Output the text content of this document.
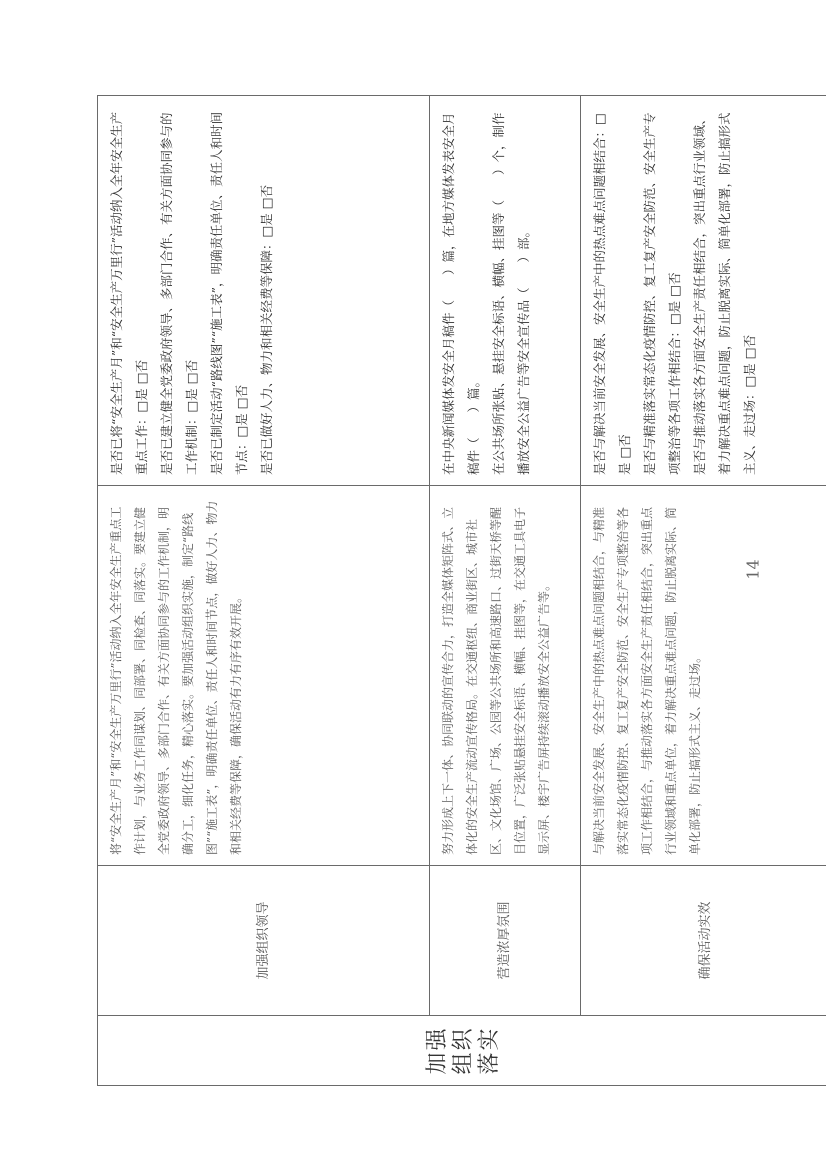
加强组织落实	加强组织领导	将“安全生产月”和“安全生产万里行”活动纳入全年安全生产重点工作计划，与业务工作同谋划、同部署、同检查、同落实。要建立健全党委政府领导、多部门合作、有关方面协同参与的工作机制，明确分工，细化任务，精心落实。要加强活动组织实施，制定“路线图”“施工表”，明确责任单位、责任人和时间节点，做好人力、物力和相关经费等保障，确保活动有力有序有效开展。	是否已将“安全生产月”和“安全生产万里行”活动纳入全年安全生产重点工作：□是 □否
是否已建立健全党委政府领导、多部门合作、有关方面协同参与的工作机制：□是 □否
是否已制定活动“路线图”“施工表”，明确责任单位、责任人和时间节点：□是 □否
是否已做好人力、物力和相关经费等保障：□是 □否

	营造浓厚氛围	努力形成上下一体、协同联动的宣传合力，打造全媒体矩阵式、立体化的安全生产流动宣传格局。在交通枢纽、商业街区、城市社区、文化场馆、广场、公园等公共场所和高速路口、过街天桥等醒目位置，广泛张贴悬挂安全标语、横幅、挂图等，在交通工具电子显示屏、楼宇广告屏持续滚动播放安全公益广告等。	在中央新闻媒体发安全月稿件（　　）篇，在地方媒体发表安全月稿件（　　）篇。
在公共场所张贴、悬挂安全标语、横幅、挂图等（　　）个，制作播放安全公益广告等安全宣传品（　　）部。

	确保活动实效	与解决当前安全发展、安全生产中的热点难点问题相结合，与精准落实常态化疫情防控、复工复产安全防范、安全生产专项整治等各项工作相结合，与推动落实各方面安全生产责任相结合，突出重点行业领域和重点单位，着力解决重点难点问题，防止脱离实际、简单化部署，防止搞形式主义、走过场。	是否与解决当前安全发展、安全生产中的热点难点问题相结合：□是 □否
是否与精准落实常态化疫情防控、复工复产安全防范、安全生产专项整治等各项工作相结合：□是 □否
是否与推动落实各方面安全生产责任相结合，突出重点行业领域、着力解决重点难点问题，防止脱离实际、简单化部署，防止搞形式主义、走过场：□是 □否
14
